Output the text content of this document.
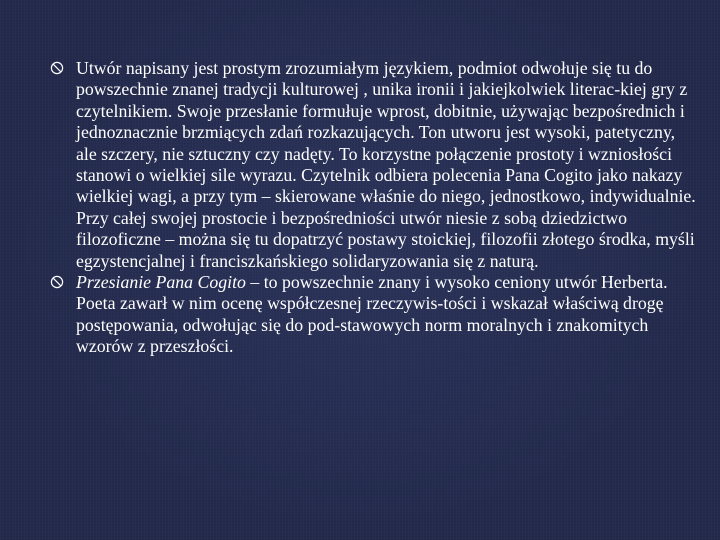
Utwór napisany jest prostym zrozumiałym językiem, podmiot odwołuje się tu do powszechnie znanej tradycji kulturowej , unika ironii i jakiejkolwiek literac-kiej gry z czytelnikiem. Swoje przesłanie formułuje wprost, dobitnie, używając bezpośrednich i jednoznacznie brzmiących zdań rozkazujących. Ton utworu jest wysoki, patetyczny, ale szczery, nie sztuczny czy nadęty. To korzystne połączenie prostoty i wzniosłości stanowi o wielkiej sile wyrazu. Czytelnik odbiera polecenia Pana Cogito jako nakazy wielkiej wagi, a przy tym – skierowane właśnie do niego, jednostkowo, indywidualnie. Przy całej swojej prostocie i bezpośredniości utwór niesie z sobą dziedzictwo filozoficzne – można się tu dopatrzyć postawy stoickiej, filozofii złotego środka, myśli egzystencjalnej i franciszkańskiego solidaryzowania się z naturą.
Przesianie Pana Cogito – to powszechnie znany i wysoko ceniony utwór Herberta. Poeta zawarł w nim ocenę współczesnej rzeczywis-tości i wskazał właściwą drogę postępowania, odwołując się do pod-stawowych norm moralnych i znakomitych wzorów z przeszłości.
